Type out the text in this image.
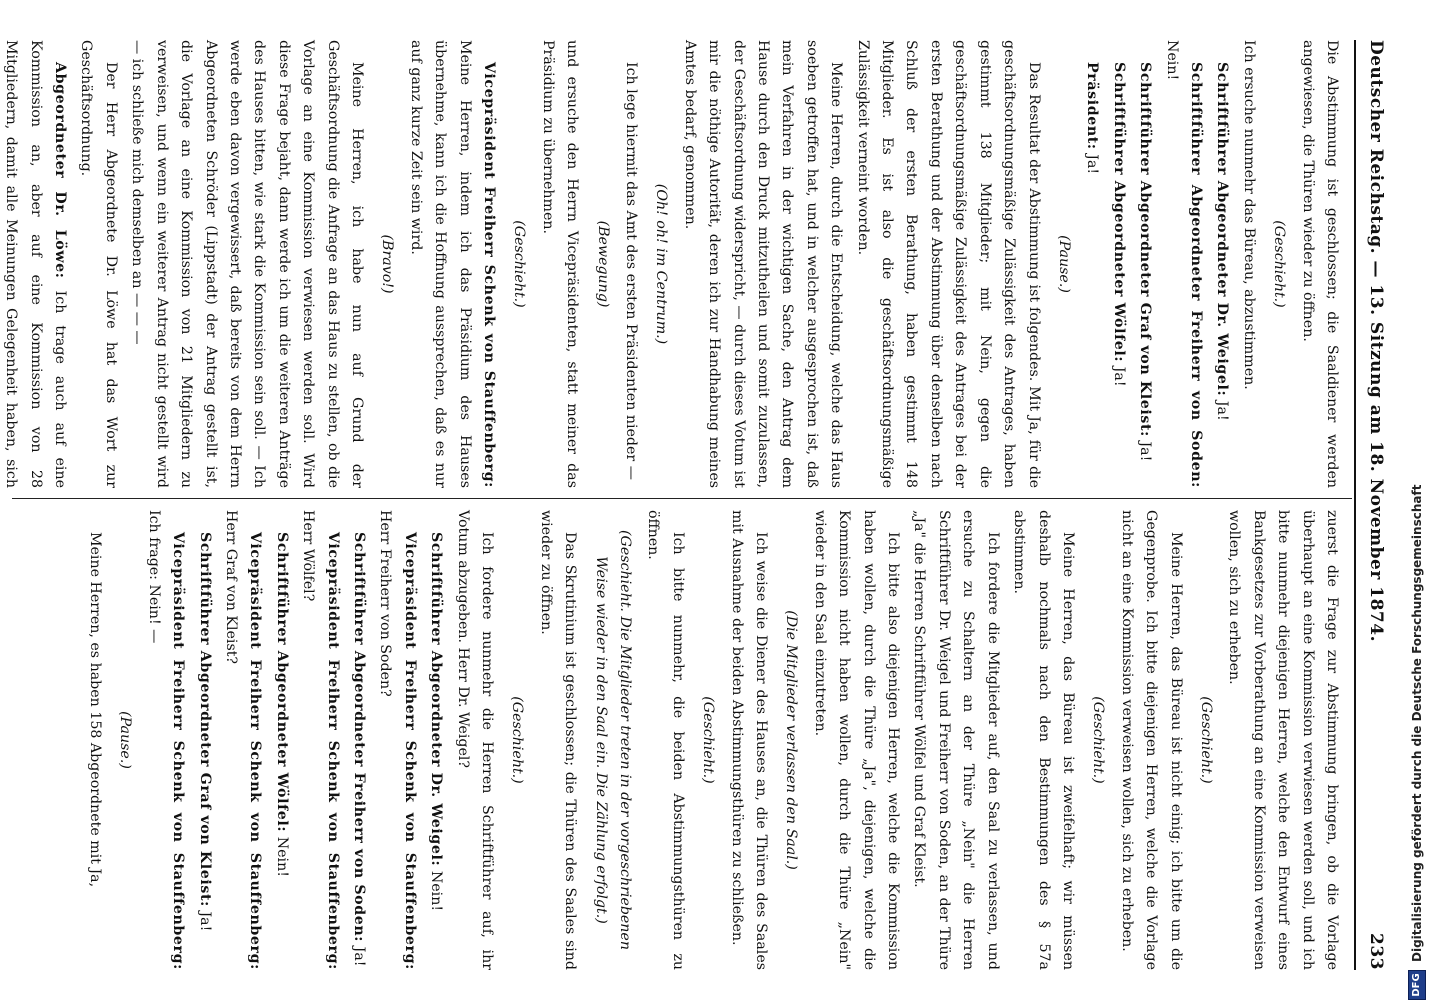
Deutscher Reichstag. — 13. Sitzung am 18. November 1874.
233

Die Abstimmung ist geschlossen; die Saaldiener werden angewiesen, die Thüren wieder zu öffnen.

(Geschieht.)

Ich ersuche nunmehr das Büreau, abzustimmen.

Schriftführer Abgeordneter Dr. Weigel: Ja!

Schriftführer Abgeordneter Freiherr von Soden: Nein!

Schriftführer Abgeordneter Graf von Kleist: Ja!

Schriftführer Abgeordneter Wölfel: Ja!

Präsident: Ja!

(Pause.)

Das Resultat der Abstimmung ist folgendes. Mit Ja, für die geschäftsordnungsmäßige Zulässigkeit des Antrages, haben gestimmt 138 Mitglieder; mit Nein, gegen die geschäftsordnungsmäßige Zulässigkeit des Antrages bei der ersten Berathung und der Abstimmung über denselben nach Schluß der ersten Berathung, haben gestimmt 148 Mitglieder. Es ist also die geschäftsordnungsmäßige Zulässigkeit verneint worden.

Meine Herren, durch die Entscheidung, welche das Haus soeben getroffen hat, und in welcher ausgesprochen ist, daß mein Verfahren in der wichtigen Sache, den Antrag dem Hause durch den Druck mitzutheilen und somit zuzulassen, der Geschäftsordnung widerspricht, — durch dieses Votum ist mir die nöthige Autorität, deren ich zur Handhabung meines Amtes bedarf, genommen.

(Oh! oh! im Centrum.)

Ich lege hiermit das Amt des ersten Präsidenten nieder —

(Bewegung)

und ersuche den Herrn Vicepräsidenten, statt meiner das Präsidium zu übernehmen.

(Geschieht.)

Vicepräsident Freiherr Schenk von Stauffenberg: Meine Herren, indem ich das Präsidium des Hauses übernehme, kann ich die Hoffnung aussprechen, daß es nur auf ganz kurze Zeit sein wird.

(Bravo!)

Meine Herren, ich habe nun auf Grund der Geschäftsordnung die Anfrage an das Haus zu stellen, ob die Vorlage an eine Kommission verwiesen werden soll. Wird diese Frage bejaht, dann werde ich um die weiteren Anträge des Hauses bitten, wie stark die Kommission sein soll. — Ich werde eben davon vergewissert, daß bereits von dem Herrn Abgeordneten Schröder (Lippstadt) der Antrag gestellt ist, die Vorlage an eine Kommission von 21 Mitgliedern zu verweisen, und wenn ein weiterer Antrag nicht gestellt wird — ich schließe mich demselben an — — —

Der Herr Abgeordnete Dr. Löwe hat das Wort zur Geschäftsordnung.

Abgeordneter Dr. Löwe: Ich trage auch auf eine Kommission an, aber auf eine Kommission von 28 Mitgliedern, damit alle Meinungen Gelegenheit haben, sich

zuerst die Frage zur Abstimmung bringen, ob die Vorlage überhaupt an eine Kommission verwiesen werden soll, und ich bitte nunmehr diejenigen Herren, welche den Entwurf eines Bankgesetzes zur Vorberathung an eine Kommission verweisen wollen, sich zu erheben.

(Geschieht.)

Meine Herren, das Büreau ist nicht einig; ich bitte um die Gegenprobe. Ich bitte diejenigen Herren, welche die Vorlage nicht an eine Kommission verweisen wollen, sich zu erheben.

(Geschieht.)

Meine Herren, das Büreau ist zweifelhaft; wir müssen deshalb nochmals nach den Bestimmungen des § 57a abstimmen.

Ich fordere die Mitglieder auf, den Saal zu verlassen, und ersuche zu Schaltern an der Thüre „Nein" die Herren Schriftführer Dr. Weigel und Freiherr von Soden, an der Thüre „Ja" die Herren Schriftführer Wölfel und Graf Kleist.

Ich bitte also diejenigen Herren, welche die Kommission haben wollen, durch die Thüre „Ja", diejenigen, welche die Kommission nicht haben wollen, durch die Thüre „Nein" wieder in den Saal einzutreten.

(Die Mitglieder verlassen den Saal.)

Ich weise die Diener des Hauses an, die Thüren des Saales mit Ausnahme der beiden Abstimmungsthüren zu schließen.

(Geschieht.)

Ich bitte nunmehr, die beiden Abstimmungsthüren zu öffnen.

(Geschieht. Die Mitglieder treten in der vorgeschriebenen Weise wieder in den Saal ein. Die Zählung erfolgt.)

Das Skrutinium ist geschlossen; die Thüren des Saales sind wieder zu öffnen.

(Geschieht.)

Ich fordere nunmehr die Herren Schriftführer auf, ihr Votum abzugeben. Herr Dr. Weigel?

Schriftführer Abgeordneter Dr. Weigel: Nein!

Vicepräsident Freiherr Schenk von Stauffenberg: Herr Freiherr von Soden?

Schriftführer Abgeordneter Freiherr von Soden: Ja!

Vicepräsident Freiherr Schenk von Stauffenberg: Herr Wölfel?

Schriftführer Abgeordneter Wölfel: Nein!

Vicepräsident Freiherr Schenk von Stauffenberg: Herr Graf von Kleist?

Schriftführer Abgeordneter Graf von Kleist: Ja!

Vicepräsident Freiherr Schenk von Stauffenberg: Ich frage: Nein! —

(Pause.)

Meine Herren, es haben 158 Abgeordnete mit Ja,

DFG
Digitalisierung gefördert durch die Deutsche Forschungsgemeinschaft
